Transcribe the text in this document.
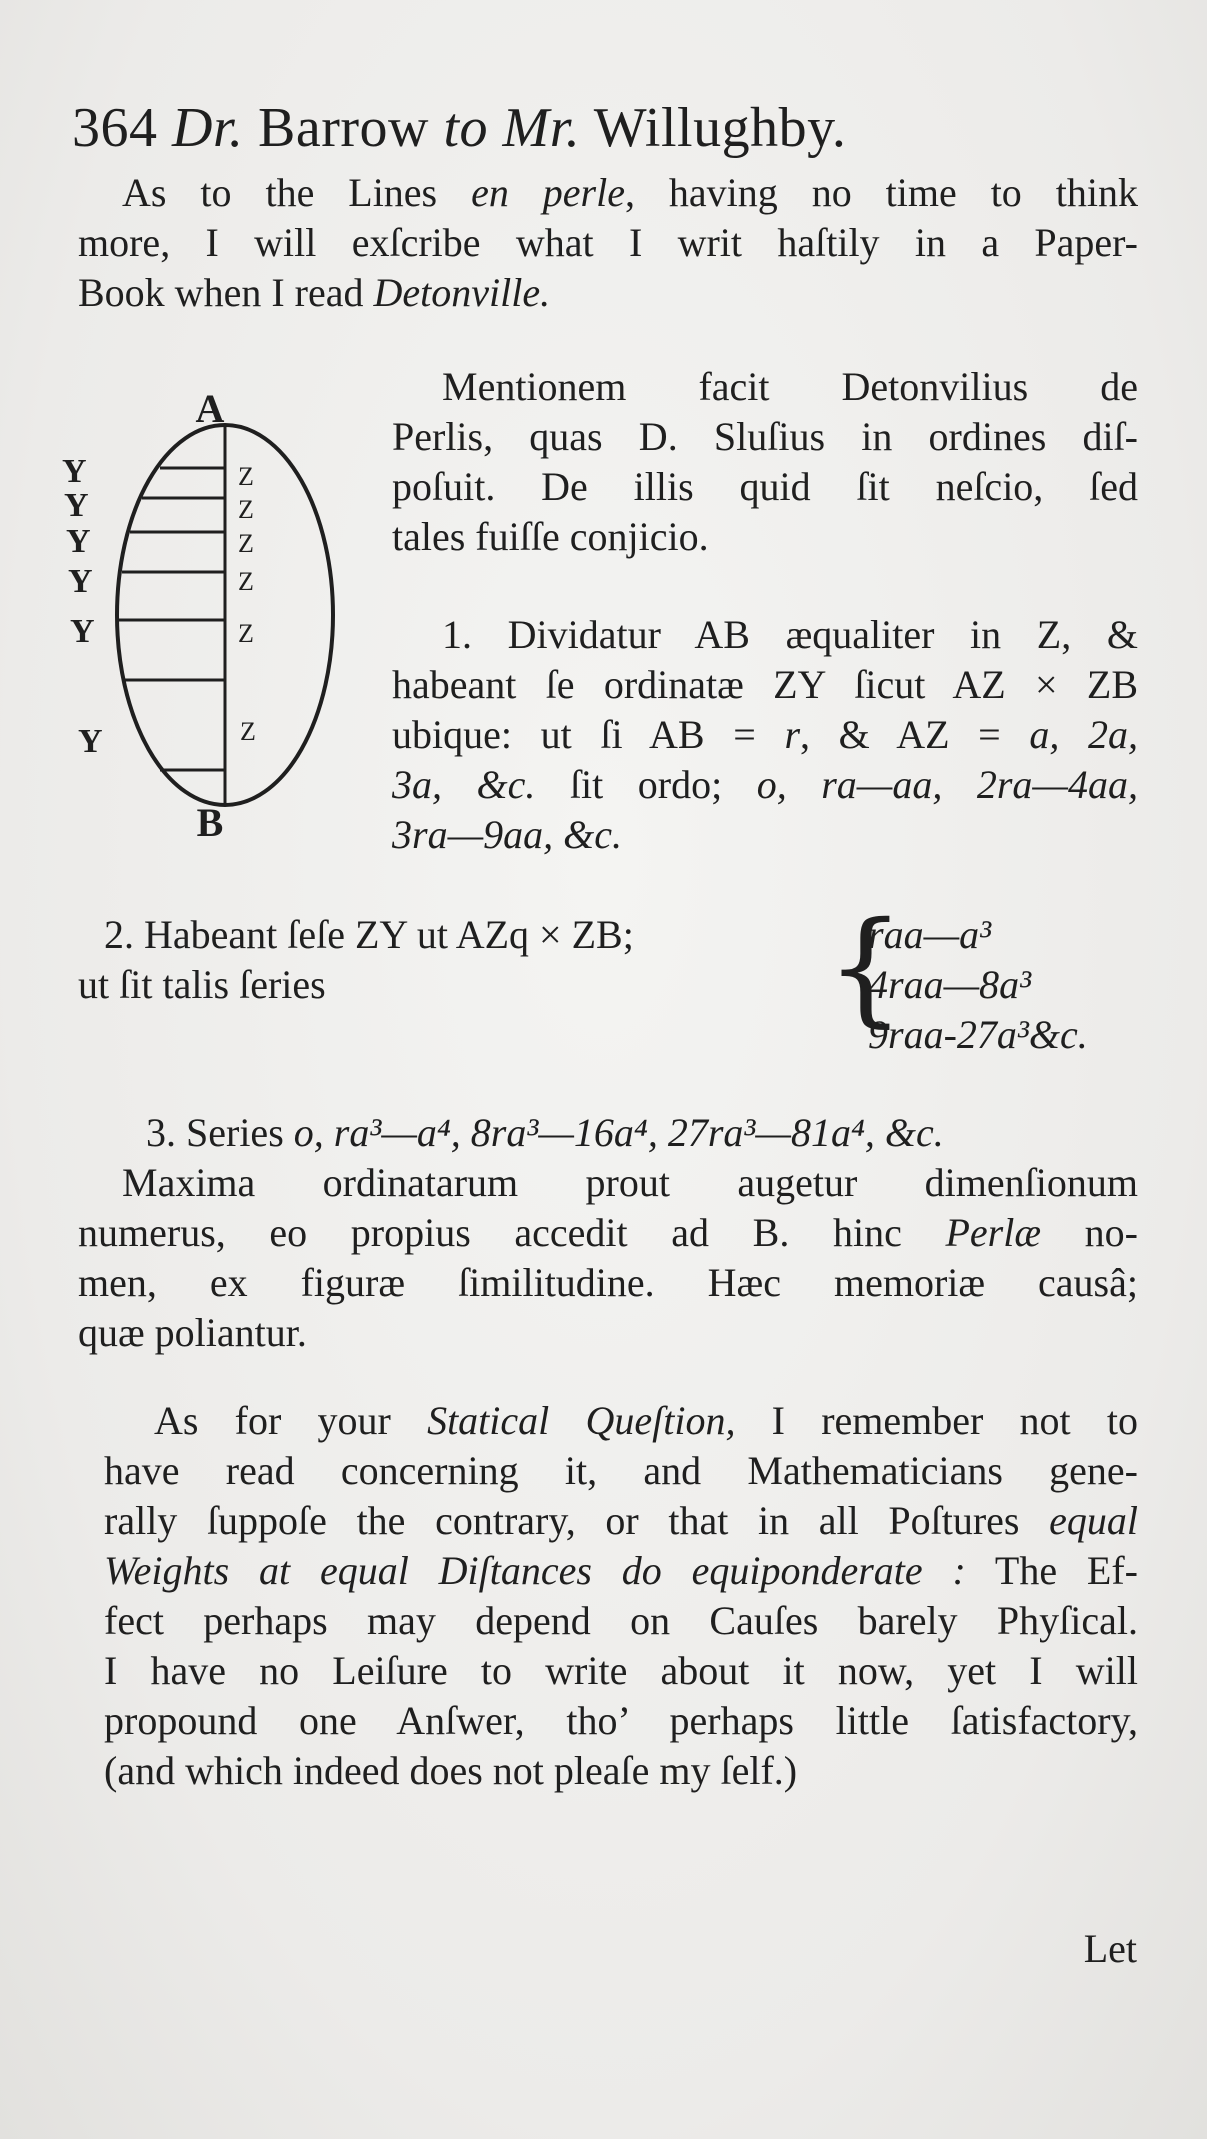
364 Dr. Barrow to Mr. Willughby.
As to the Lines en perle, having no time to think
more, I will exſcribe what I writ haſtily in a Paper-
Book when I read Detonville.
A
Z
Z
Z
Z
Z
Z
Y
Y
Y
Y
Y
Y
B
Mentionem facit Detonvilius de
Perlis, quas D. Sluſius in ordines diſ-
poſuit. De illis quid ſit neſcio, ſed
tales fuiſſe conjicio.
1. Dividatur AB æqualiter in Z, &
habeant ſe ordinatæ ZY ſicut AZ × ZB
ubique: ut ſi AB = r, & AZ = a, 2a,
3a, &c. ſit ordo; o, ra—aa, 2ra—4aa,
3ra—9aa, &c.
2. Habeant ſeſe ZY ut AZq × ZB;
ut ſit talis ſeries	{
raa—a³
4raa—8a³
9raa-27a³&c.
3. Series o, ra³—a⁴, 8ra³—16a⁴, 27ra³—81a⁴, &c.
Maxima ordinatarum prout augetur dimenſionum
numerus, eo propius accedit ad B. hinc Perlæ no-
men, ex figuræ ſimilitudine. Hæc memoriæ causâ;
quæ poliantur.
As for your Statical Queſtion, I remember not to
have read concerning it, and Mathematicians gene-
rally ſuppoſe the contrary, or that in all Poſtures equal
Weights at equal Diſtances do equiponderate : The Ef-
fect perhaps may depend on Cauſes barely Phyſical.
I have no Leiſure to write about it now, yet I will
propound one Anſwer, tho’ perhaps little ſatisfactory,
(and which indeed does not pleaſe my ſelf.)
Let
